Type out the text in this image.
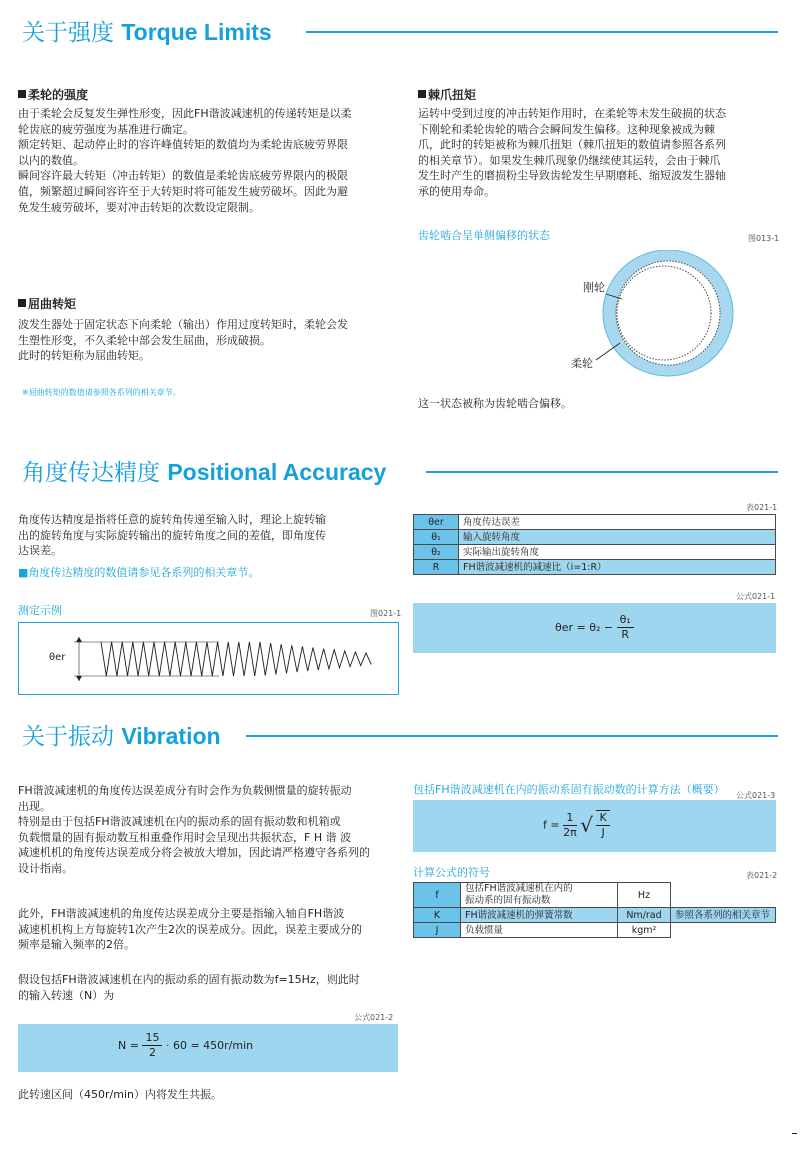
关于强度 Torque Limits
柔轮的强度

由于柔轮会反复发生弹性形变，因此FH谐波减速机的传递转矩是以柔

轮齿底的疲劳强度为基准进行确定。

额定转矩、起动停止时的容许峰值转矩的数值均为柔轮齿底疲劳界限

以内的数值。

瞬间容许最大转矩（冲击转矩）的数值是柔轮齿底疲劳界限内的极限

值，频繁超过瞬间容许至于大转矩时将可能发生疲劳破坏。因此为避

免发生疲劳破坏，要对冲击转矩的次数设定限制。

屈曲转矩

波发生器处于固定状态下向柔轮（输出）作用过度转矩时，柔轮会发

生塑性形变，不久柔轮中部会发生屈曲，形成破损。

此时的转矩称为屈曲转矩。

※屈曲转矩的数值请参照各系列的相关章节。
棘爪扭矩

运转中受到过度的冲击转矩作用时，在柔轮等未发生破损的状态

下刚轮和柔轮齿轮的啮合会瞬间发生偏移。这种现象被成为棘

爪，此时的转矩被称为棘爪扭矩（棘爪扭矩的数值请参照各系列

的相关章节）。如果发生棘爪现象仍继续使其运转，会由于棘爪

发生时产生的磨损粉尘导致齿轮发生早期磨耗、缩短波发生器轴

承的使用寿命。

齿轮啮合呈单侧偏移的状态	图013-1
刚轮
柔轮
这一状态被称为齿轮啮合偏移。
角度传达精度 Positional Accuracy

角度传达精度是指将任意的旋转角传递至输入时，理论上旋转输

出的旋转角度与实际旋转输出的旋转角度之间的差值，即角度传

达误差。

■角度传达精度的数值请参见各系列的相关章节。
表021-1
θer	角度传达误差
θ₁	输入旋转角度
θ₂	实际输出旋转角度
R	FH谐波减速机的减速比（i=1:R）
公式021-1
$\theta er = \theta_2 - \frac{\text{θ₁}}{R}$
测定示例	图021-1
θer
关于振动 Vibration

FH谐波减速机的角度传达误差成分有时会作为负载侧惯量的旋转振动

出现。

特别是由于包括FH谐波减速机在内的振动系的固有振动数和机箱或

负载惯量的固有振动数互相重叠作用时会呈现出共振状态，F H 谐 波

减速机机的角度传达误差成分将会被放大增加，因此请严格遵守各系列的

设计指南。

此外，FH谐波减速机的角度传达误差成分主要是指输入轴自FH谐波

减速机机构上方每旋转1次产生2次的误差成分。因此，误差主要成分的

频率是输入频率的2倍。

假设包括FH谐波减速机在内的振动系的固有振动数为f=15Hz，则此时

的输入转速（N）为

公式021-2
$N = \frac{15}{2} \cdot 60 = 450r/\min$
此转速区间（450r/min）内将发生共振。
包括FH谐波减速机在内的振动系固有振动数的计算方法（概要） 公式021-3
$f = \frac{1}{2\pi}$ √ $\frac{K}{J}$
计算公式的符号	表021-2
f	包括FH谐波减速机在内的
振动系的固有振动数	Hz	
K	FH谐波减速机的弹簧常数	Nm/rad	参照各系列的相关章节
J	负载惯量	kgm²	
